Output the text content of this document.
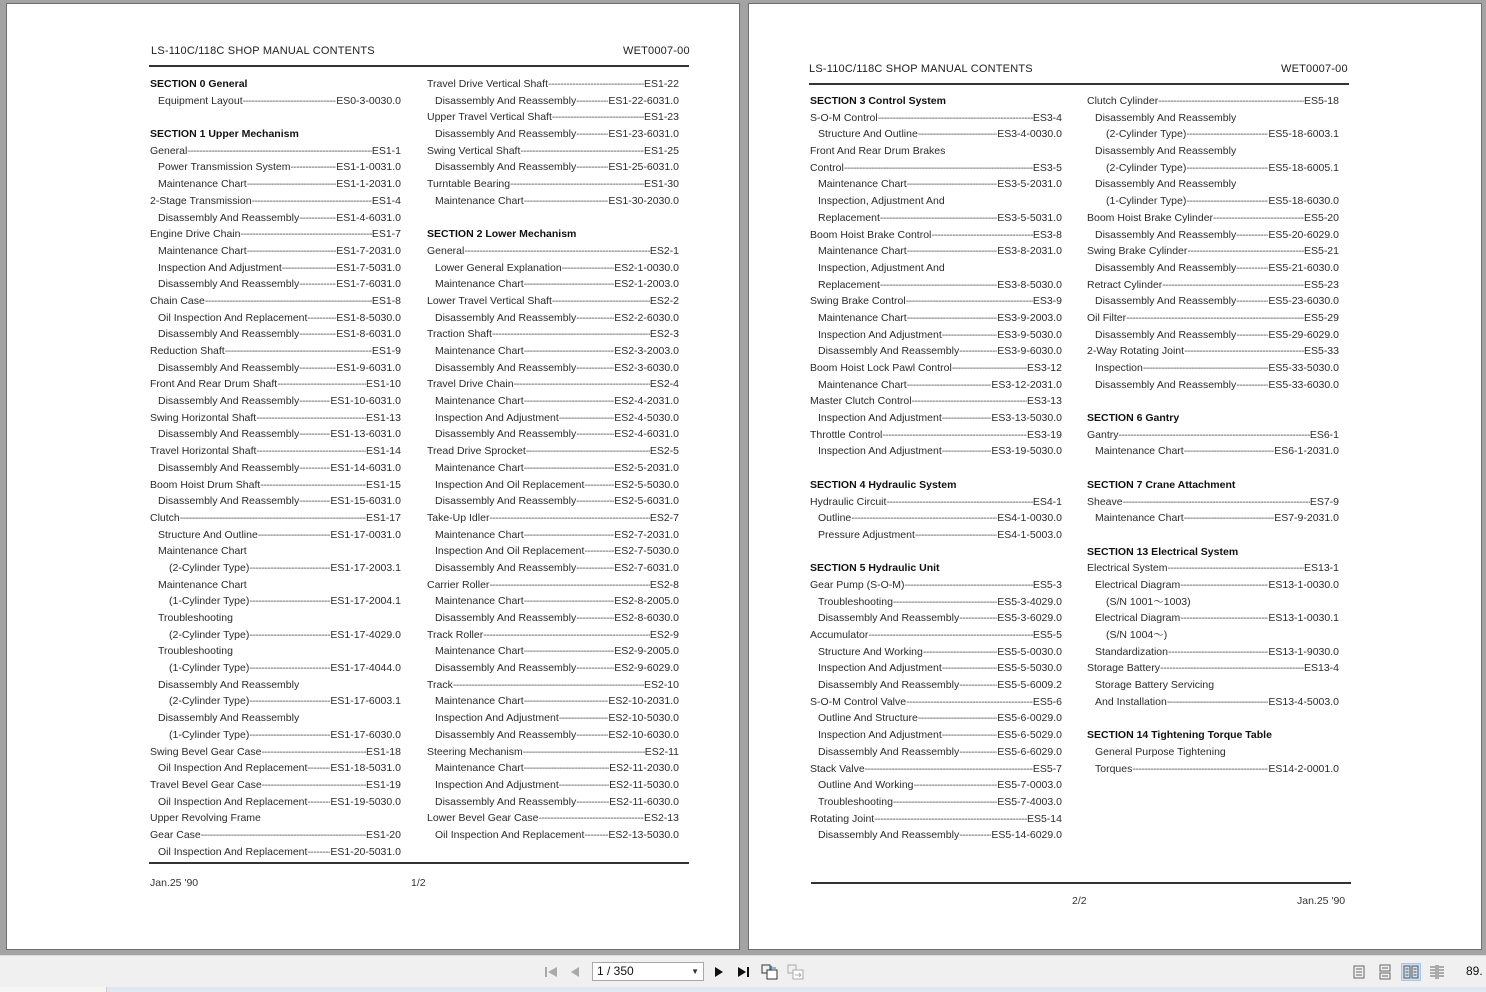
LS-110C/118C SHOP MANUAL CONTENTS	WET0007-00
SECTION 0 General
Equipment Layout -----	ES0-3-0030.0
SECTION 1 Upper Mechanism
General -----	ES1-1
Power Transmission System -----	ES1-1-0031.0
Maintenance Chart -----	ES1-1-2031.0
2-Stage Transmission -----	ES1-4
Disassembly And Reassembly -----	ES1-4-6031.0
Engine Drive Chain -----	ES1-7
Maintenance Chart -----	ES1-7-2031.0
Inspection And Adjustment -----	ES1-7-5031.0
Disassembly And Reassembly -----	ES1-7-6031.0
Chain Case -----	ES1-8
Oil Inspection And Replacement -----	ES1-8-5030.0
Disassembly And Reassembly -----	ES1-8-6031.0
Reduction Shaft -----	ES1-9
Disassembly And Reassembly -----	ES1-9-6031.0
Front And Rear Drum Shaft -----	ES1-10
Disassembly And Reassembly -----	ES1-10-6031.0
Swing Horizontal Shaft -----	ES1-13
Disassembly And Reassembly -----	ES1-13-6031.0
Travel Horizontal Shaft -----	ES1-14
Disassembly And Reassembly -----	ES1-14-6031.0
Boom Hoist Drum Shaft -----	ES1-15
Disassembly And Reassembly -----	ES1-15-6031.0
Clutch -----	ES1-17
Structure And Outline -----	ES1-17-0031.0
Maintenance Chart
(2-Cylinder Type) -----	ES1-17-2003.1
Maintenance Chart
(1-Cylinder Type) -----	ES1-17-2004.1
Troubleshooting
(2-Cylinder Type) -----	ES1-17-4029.0
Troubleshooting
(1-Cylinder Type) -----	ES1-17-4044.0
Disassembly And Reassembly
(2-Cylinder Type) -----	ES1-17-6003.1
Disassembly And Reassembly
(1-Cylinder Type) -----	ES1-17-6030.0
Swing Bevel Gear Case -----	ES1-18
Oil Inspection And Replacement ----- ES1-18-5031.0
Travel Bevel Gear Case -----	ES1-19
Oil Inspection And Replacement ----- ES1-19-5030.0
Upper Revolving Frame
Gear Case -----	ES1-20
Oil Inspection And Replacement ----- ES1-20-5031.0
Travel Drive Vertical Shaft -----	ES1-22
Disassembly And Reassembly -----	ES1-22-6031.0
Upper Travel Vertical Shaft -----	ES1-23
Disassembly And Reassembly -----	ES1-23-6031.0
Swing Vertical Shaft -----	ES1-25
Disassembly And Reassembly -----	ES1-25-6031.0
Turntable Bearing -----	ES1-30
Maintenance Chart -----	ES1-30-2030.0
SECTION 2 Lower Mechanism
General -----	ES2-1
Lower General Explanation -----	ES2-1-0030.0
Maintenance Chart -----	ES2-1-2003.0
Lower Travel Vertical Shaft -----	ES2-2
Disassembly And Reassembly -----	ES2-2-6030.0
Traction Shaft -----	ES2-3
Maintenance Chart -----	ES2-3-2003.0
Disassembly And Reassembly -----	ES2-3-6030.0
Travel Drive Chain -----	ES2-4
Maintenance Chart -----	ES2-4-2031.0
Inspection And Adjustment -----	ES2-4-5030.0
Disassembly And Reassembly -----	ES2-4-6031.0
Tread Drive Sprocket -----	ES2-5
Maintenance Chart -----	ES2-5-2031.0
Inspection And Oil Replacement -----	ES2-5-5030.0
Disassembly And Reassembly -----	ES2-5-6031.0
Take-Up Idler -----	ES2-7
Maintenance Chart -----	ES2-7-2031.0
Inspection And Oil Replacement -----	ES2-7-5030.0
Disassembly And Reassembly -----	ES2-7-6031.0
Carrier Roller -----	ES2-8
Maintenance Chart -----	ES2-8-2005.0
Disassembly And Reassembly -----	ES2-8-6030.0
Track Roller -----	ES2-9
Maintenance Chart -----	ES2-9-2005.0
Disassembly And Reassembly -----	ES2-9-6029.0
Track -----	ES2-10
Maintenance Chart -----	ES2-10-2031.0
Inspection And Adjustment -----	ES2-10-5030.0
Disassembly And Reassembly -----	ES2-10-6030.0
Steering Mechanism -----	ES2-11
Maintenance Chart -----	ES2-11-2030.0
Inspection And Adjustment -----	ES2-11-5030.0
Disassembly And Reassembly -----	ES2-11-6030.0
Lower Bevel Gear Case -----	ES2-13
Oil Inspection And Replacement ----- ES2-13-5030.0
Jan.25 '90	1/2
LS-110C/118C SHOP MANUAL CONTENTS	WET0007-00
SECTION 3 Control System
S-O-M Control -----	ES3-4
Structure And Outline -----	ES3-4-0030.0
Front And Rear Drum Brakes
Control -----	ES3-5
Maintenance Chart -----	ES3-5-2031.0
Inspection, Adjustment And
Replacement -----	ES3-5-5031.0
Boom Hoist Brake Control -----	ES3-8
Maintenance Chart -----	ES3-8-2031.0
Inspection, Adjustment And
Replacement -----	ES3-8-5030.0
Swing Brake Control -----	ES3-9
Maintenance Chart -----	ES3-9-2003.0
Inspection And Adjustment -----	ES3-9-5030.0
Disassembly And Reassembly -----	ES3-9-6030.0
Boom Hoist Lock Pawl Control -----	ES3-12
Maintenance Chart -----	ES3-12-2031.0
Master Clutch Control -----	ES3-13
Inspection And Adjustment -----	ES3-13-5030.0
Throttle Control -----	ES3-19
Inspection And Adjustment -----	ES3-19-5030.0
SECTION 4 Hydraulic System
Hydraulic Circuit -----	ES4-1
Outline -----	ES4-1-0030.0
Pressure Adjustment -----	ES4-1-5003.0
SECTION 5 Hydraulic Unit
Gear Pump (S-O-M) -----	ES5-3
Troubleshooting -----	ES5-3-4029.0
Disassembly And Reassembly -----	ES5-3-6029.0
Accumulator -----	ES5-5
Structure And Working -----	ES5-5-0030.0
Inspection And Adjustment -----	ES5-5-5030.0
Disassembly And Reassembly -----	ES5-5-6009.2
S-O-M Control Valve -----	ES5-6
Outline And Structure -----	ES5-6-0029.0
Inspection And Adjustment -----	ES5-6-5029.0
Disassembly And Reassembly -----	ES5-6-6029.0
Stack Valve -----	ES5-7
Outline And Working -----	ES5-7-0003.0
Troubleshooting -----	ES5-7-4003.0
Rotating Joint -----	ES5-14
Disassembly And Reassembly -----	ES5-14-6029.0
Clutch Cylinder -----	ES5-18
Disassembly And Reassembly
(2-Cylinder Type) -----	ES5-18-6003.1
Disassembly And Reassembly
(2-Cylinder Type) -----	ES5-18-6005.1
Disassembly And Reassembly
(1-Cylinder Type) -----	ES5-18-6030.0
Boom Hoist Brake Cylinder -----	ES5-20
Disassembly And Reassembly -----	ES5-20-6029.0
Swing Brake Cylinder -----	ES5-21
Disassembly And Reassembly -----	ES5-21-6030.0
Retract Cylinder -----	ES5-23
Disassembly And Reassembly -----	ES5-23-6030.0
Oil Filter -----	ES5-29
Disassembly And Reassembly -----	ES5-29-6029.0
2-Way Rotating Joint -----	ES5-33
Inspection -----	ES5-33-5030.0
Disassembly And Reassembly -----	ES5-33-6030.0
SECTION 6 Gantry
Gantry -----	ES6-1
Maintenance Chart -----	ES6-1-2031.0
SECTION 7 Crane Attachment
Sheave -----	ES7-9
Maintenance Chart -----	ES7-9-2031.0
SECTION 13 Electrical System
Electrical System -----	ES13-1
Electrical Diagram -----	ES13-1-0030.0
(S/N 1001～1003)
Electrical Diagram -----	ES13-1-0030.1
(S/N 1004～)
Standardization -----	ES13-1-9030.0
Storage Battery -----	ES13-4
Storage Battery Servicing
And Installation -----	ES13-4-5003.0
SECTION 14 Tightening Torque Table
General Purpose Tightening
Torques -----	ES14-2-0001.0
2/2	Jan.25 '90
1 / 350	▼	89.
